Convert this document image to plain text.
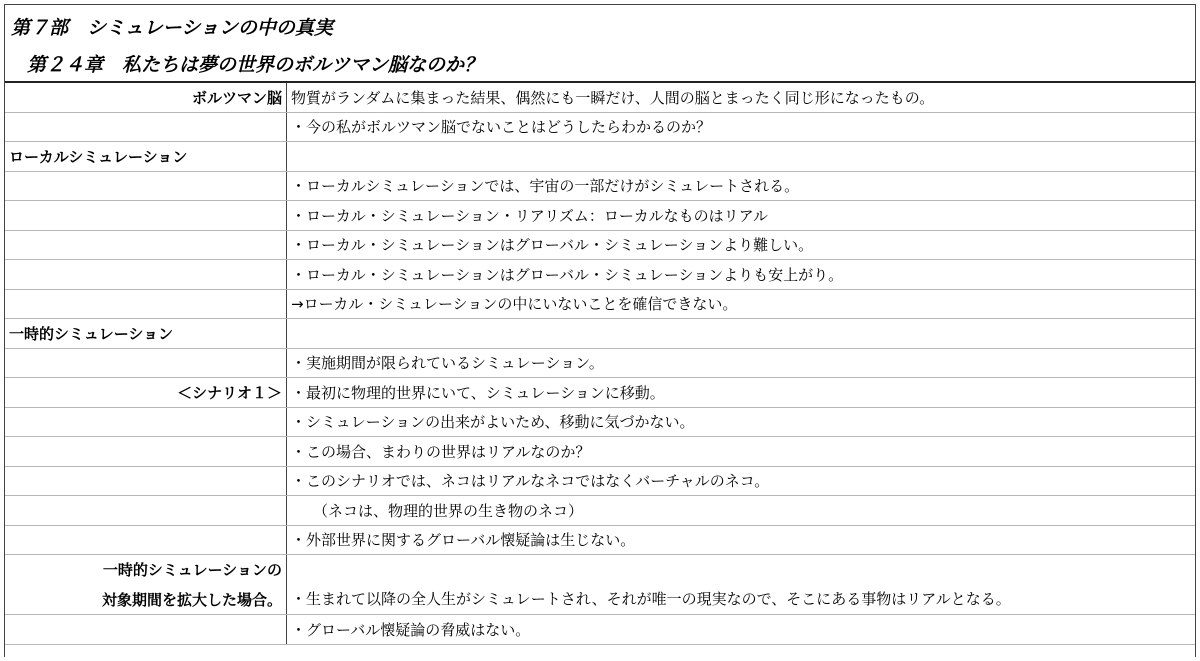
第７部　シミュレーションの中の真実
第２４章　私たちは夢の世界のボルツマン脳なのか？
ボルツマン脳 物質がランダムに集まった結果、偶然にも一瞬だけ、人間の脳とまったく同じ形になったもの。
・今の私がボルツマン脳でないことはどうしたらわかるのか？
ローカルシミュレーション
・ローカルシミュレーションでは、宇宙の一部だけがシミュレートされる。
・ローカル・シミュレーション・リアリズム：ローカルなものはリアル
・ローカル・シミュレーションはグローバル・シミュレーションより難しい。
・ローカル・シミュレーションはグローバル・シミュレーションよりも安上がり。
→ローカル・シミュレーションの中にいないことを確信できない。
一時的シミュレーション
・実施期間が限られているシミュレーション。
＜シナリオ１＞ ・最初に物理的世界にいて、シミュレーションに移動。
・シミュレーションの出来がよいため、移動に気づかない。
・この場合、まわりの世界はリアルなのか？
・このシナリオでは、ネコはリアルなネコではなくバーチャルのネコ。
（ネコは、物理的世界の生き物のネコ）
・外部世界に関するグローバル懐疑論は生じない。
一時的シミュレーションの
対象期間を拡大した場合。 ・生まれて以降の全人生がシミュレートされ、それが唯一の現実なので、そこにある事物はリアルとなる。
・グローバル懐疑論の脅威はない。
